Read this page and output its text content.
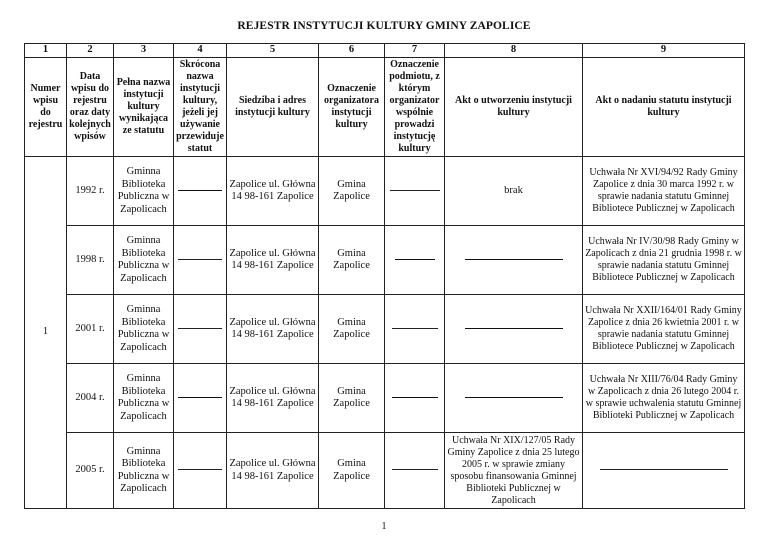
REJESTR INSTYTUCJI KULTURY GMINY ZAPOLICE
1	2	3	4	5	6	7	8	9
Numer wpisu do rejestru	Data wpisu do rejestru oraz daty kolejnych wpisów	Pełna nazwa instytucji kultury wynikająca ze statutu	Skrócona nazwa instytucji kultury, jeżeli jej używanie przewiduje statut	Siedziba i adres instytucji kultury	Oznaczenie organizatora instytucji kultury	Oznaczenie podmiotu, z którym organizator wspólnie prowadzi instytucję kultury	Akt o utworzeniu instytucji kultury	Akt o nadaniu statutu instytucji kultury
1	1992 r.	Gminna Biblioteka Publiczna w Zapolicach		Zapolice ul. Główna 14 98-161 Zapolice	Gmina Zapolice		brak	Uchwała Nr XVI/94/92 Rady Gminy Zapolice z dnia 30 marca 1992 r. w sprawie nadania statutu Gminnej Bibliotece Publicznej w Zapolicach
	1998 r.	Gminna Biblioteka Publiczna w Zapolicach		Zapolice ul. Główna 14 98-161 Zapolice	Gmina Zapolice			Uchwała Nr IV/30/98 Rady Gminy w Zapolicach z dnia 21 grudnia 1998 r. w sprawie nadania statutu Gminnej Bibliotece Publicznej w Zapolicach
	2001 r.	Gminna Biblioteka Publiczna w Zapolicach		Zapolice ul. Główna 14 98-161 Zapolice	Gmina Zapolice			Uchwała Nr XXII/164/01 Rady Gminy Zapolice z dnia 26 kwietnia 2001 r. w sprawie nadania statutu Gminnej Bibliotece Publicznej w Zapolicach
	2004 r.	Gminna Biblioteka Publiczna w Zapolicach		Zapolice ul. Główna 14 98-161 Zapolice	Gmina Zapolice			Uchwała Nr XIII/76/04 Rady Gminy w Zapolicach z dnia 26 lutego 2004 r. w sprawie uchwalenia statutu Gminnej Biblioteki Publicznej w Zapolicach
	2005 r.	Gminna Biblioteka Publiczna w Zapolicach		Zapolice ul. Główna 14 98-161 Zapolice	Gmina Zapolice		Uchwała Nr XIX/127/05 Rady Gminy Zapolice z dnia 25 lutego 2005 r. w sprawie zmiany sposobu finansowania Gminnej Biblioteki Publicznej w Zapolicach	
1
